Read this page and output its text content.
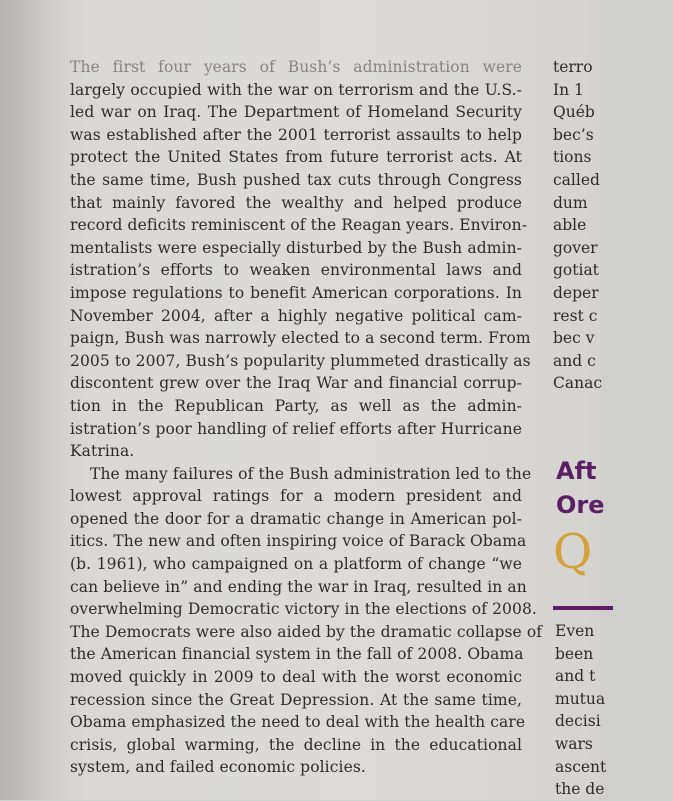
The first four years of Bush’s administration were
largely occupied with the war on terrorism and the U.S.-
led war on Iraq. The Department of Homeland Security
was established after the 2001 terrorist assaults to help
protect the United States from future terrorist acts. At
the same time, Bush pushed tax cuts through Congress
that mainly favored the wealthy and helped produce
record deficits reminiscent of the Reagan years. Environ-
mentalists were especially disturbed by the Bush admin-
istration’s efforts to weaken environmental laws and
impose regulations to benefit American corporations. In
November 2004, after a highly negative political cam-
paign, Bush was narrowly elected to a second term. From
2005 to 2007, Bush’s popularity plummeted drastically as
discontent grew over the Iraq War and financial corrup-
tion in the Republican Party, as well as the admin-
istration’s poor handling of relief efforts after Hurricane
Katrina.

The many failures of the Bush administration led to the
lowest approval ratings for a modern president and
opened the door for a dramatic change in American pol-
itics. The new and often inspiring voice of Barack Obama
(b. 1961), who campaigned on a platform of change “we
can believe in” and ending the war in Iraq, resulted in an
overwhelming Democratic victory in the elections of 2008.
The Democrats were also aided by the dramatic collapse of
the American financial system in the fall of 2008. Obama
moved quickly in 2009 to deal with the worst economic
recession since the Great Depression. At the same time,
Obama emphasized the need to deal with the health care
crisis, global warming, the decline in the educational
system, and failed economic policies.

terro
In 1
Québ
bec’s
tions
called
dum
able
gover
gotiat
deper
rest c
bec v
and c
Canac
Aft
Ore
Q
Even
been
and t
mutua
decisi
wars
ascent
the de
